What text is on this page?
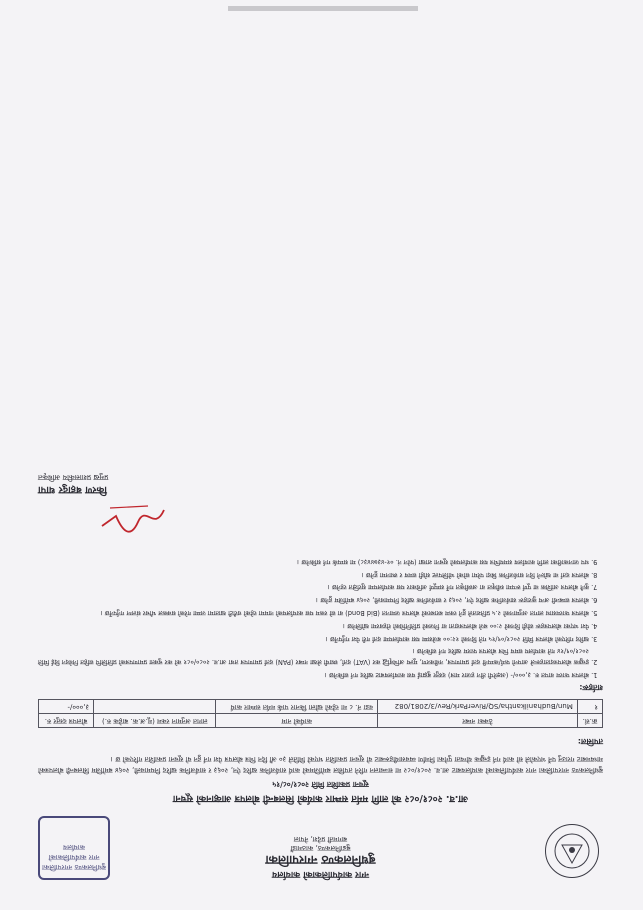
नगर कार्यपालिकाको कार्यालय
बुधनिलकण्ठ नगरपालिका
बुढानिलकण्ठ, काठमाडौं
बागमती प्रदेश, नेपाल
बुधनिलकण्ठ नगरपालिका नगर कार्यपालिकाको कार्यालय
आ.व. २०८१/०८२ को लागि मर्मत सम्भार कार्यको सिलबन्दी बोलपत्र आव्हानको सूचना
सूचना प्रकाशित मिति २०८१/०८/१५
बुधनिलकण्ठ नगरपालिका नगर कार्यपालिकाको कार्यालयबाट आ.व. २०८१/०८२ मा सञ्चालन गरिने तपसिल बमोजिमको कार्य सार्वजनिक खरिद ऐन, २०६३ र सार्वजनिक खरिद नियमावली, २०६४ बमोजिम सिलबन्दी बोलपत्रको माध्यमबाट गराउनु पर्ने भएकोले सो कार्य गर्न इच्छुक योग्यता पुगेका निर्माण व्यवसायीहरूबाट यो सूचना प्रकाशित भएको मितिले ३० औं दिन भित्र बोलपत्र पेश गर्न हुन यो सूचना प्रकाशित गरिएको छ ।
तपसिल:
क्र.सं.	ठेक्का नम्बर	कार्यको नाम	लागत अनुमान रकम (मू.अ.क. बाहेक रु.)	बोलपत्र दस्तुर रु.
१	Mun/Budhanilkantha/SQ/RiverPark/Rev/3/2081/082	वडा नं. ८ मा रहेको खोला किनार पार्क मर्मत सम्भार कार्य		३,०००/-
शर्तहरू:
1. बोलपत्र फारम वापत रु. ३,०००/- (अक्षरेपी तीन हजार मात्र) दस्तुर बुझाई यस कार्यालयबाट खरिद गर्न सकिनेछ ।
2. इच्छुक बोलपत्रदाताहरूले आफ्नो फर्म/कम्पनी दर्ता प्रमाणपत्र, नवीकरण, मूल्य अभिवृद्धि कर (VAT) दर्ता, स्थायी लेखा नम्बर (PAN) दर्ता प्रमाणपत्र तथा आ.व. २०८०/०८१ को कर चुक्ता प्रमाणपत्रको प्रतिलिपि सहित निवेदन दिई मिति २०८१/०९/१४ गते कार्यालय समय भित्र बोलपत्र फारम खरिद गर्न सकिनेछ ।
3. खरिद गरिएको बोलपत्र मिति २०८१/०९/१५ गते दिनको १२:०० बजेसम्म यस कार्यालयमा दर्ता गरी पेश गर्नुपर्नेछ ।
4. पेश भएका बोलपत्रहरू सोही दिनको २:०० बजे बोलपत्रदाता वा निजको प्रतिनिधिको रोहवरमा खोलिनेछ ।
5. बोलपत्र फारमसाथ लागत अनुमानको २.५ प्रतिशतले हुने रकम बराबरको बोलपत्र जमानत (Bid Bond) वा सो रकम यस कार्यालयको नाममा रहेको धरौटी खातामा जम्मा गरेको सक्कल भौचर संलग्न गर्नुपर्नेछ ।
6. बोलपत्र सम्बन्धी अन्य कुराहरू सार्वजनिक खरिद ऐन, २०६३ र सार्वजनिक खरिद नियमावली, २०६४ बमोजिम हुनेछ ।
7. कुनै बोलपत्र आंशिक वा पूर्ण रूपमा स्वीकृत वा अस्वीकृत गर्ने सम्पूर्ण अधिकार यस कार्यालयमा सुरक्षित रहनेछ ।
8. बोलपत्र दर्ता वा खोल्ने दिन सार्वजनिक बिदा परेमा सोको भोलिपल्ट सोही समय र स्थानमा हुनेछ ।
9. थप जानकारीका लागि कार्यालय समयभित्र यस कार्यालयको सूचना शाखा (फोन नं. ०१-४३७४४३८) मा सम्पर्क गर्न सकिनेछ ।
किरण बहादुर थापा
प्रमुख प्रशासकीय अधिकृत
